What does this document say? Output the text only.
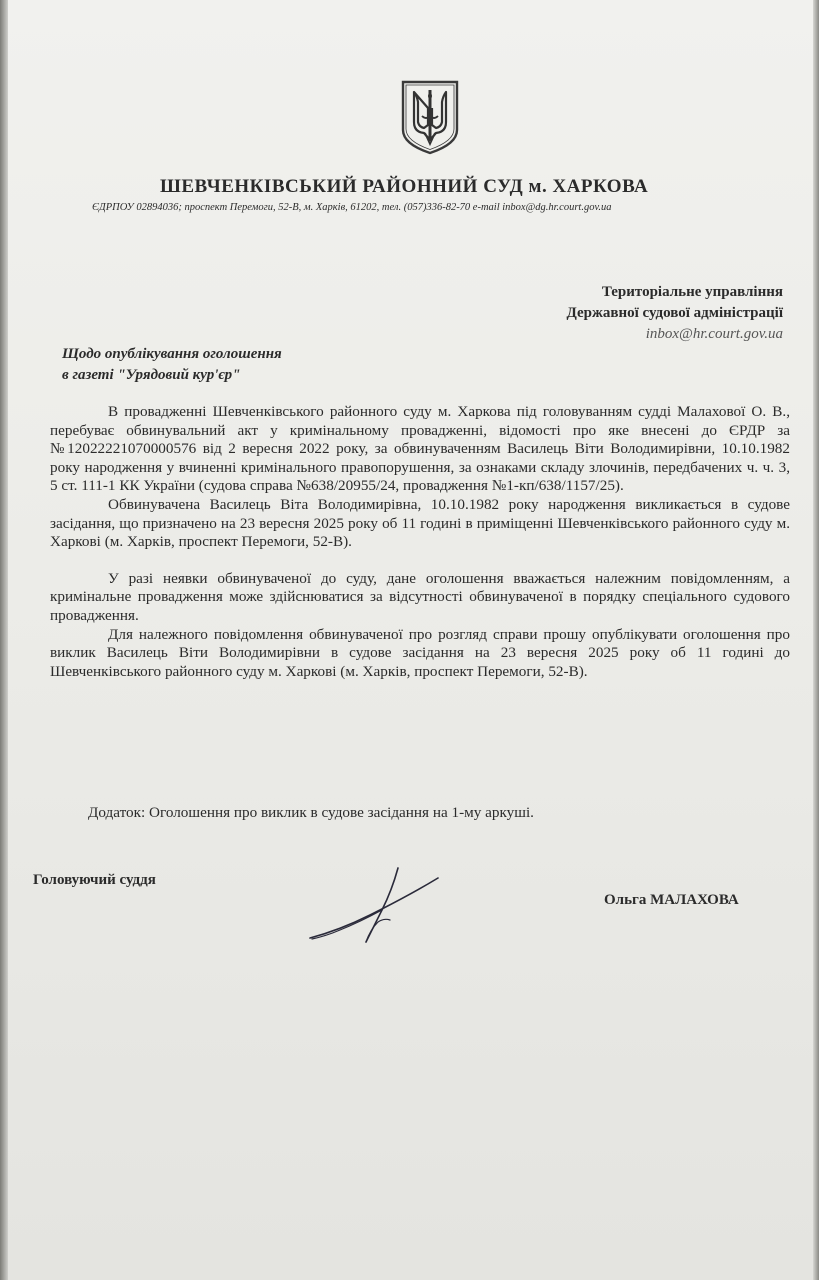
ШЕВЧЕНКІВСЬКИЙ РАЙОННИЙ СУД м. ХАРКОВА
ЄДРПОУ 02894036; проспект Перемоги, 52-В, м. Харків, 61202, тел. (057)336-82-70 e-mail inbox@dg.hr.court.gov.ua
Територіальне управління
Державної судової адміністрації
inbox@hr.court.gov.ua
Щодо опублікування оголошення
в газеті "Урядовий кур'єр"

В провадженні Шевченківського районного суду м. Харкова під головуванням судді Малахової О. В., перебуває обвинувальний акт у кримінальному провадженні, відомості про яке внесені до ЄРДР за №12022221070000576 від 2 вересня 2022 року, за обвинуваченням Василець Віти Володимирівни, 10.10.1982 року народження у вчиненні кримінального правопорушення, за ознаками складу злочинів, передбачених ч. ч. 3, 5 ст. 111-1 КК України (судова справа №638/20955/24, провадження №1-кп/638/1157/25).

Обвинувачена Василець Віта Володимирівна, 10.10.1982 року народження викликається в судове засідання, що призначено на 23 вересня 2025 року об 11 годині в приміщенні Шевченківського районного суду м. Харкові (м. Харків, проспект Перемоги, 52-В).

У разі неявки обвинуваченої до суду, дане оголошення вважається належним повідомленням, а кримінальне провадження може здійснюватися за відсутності обвинуваченої в порядку спеціального судового провадження.

Для належного повідомлення обвинуваченої про розгляд справи прошу опублікувати оголошення про виклик Василець Віти Володимирівни в судове засідання на 23 вересня 2025 року об 11 годині до Шевченківського районного суду м. Харкові (м. Харків, проспект Перемоги, 52-В).

Додаток: Оголошення про виклик в судове засідання на 1-му аркуші.
Головуючий суддя
Ольга МАЛАХОВА
